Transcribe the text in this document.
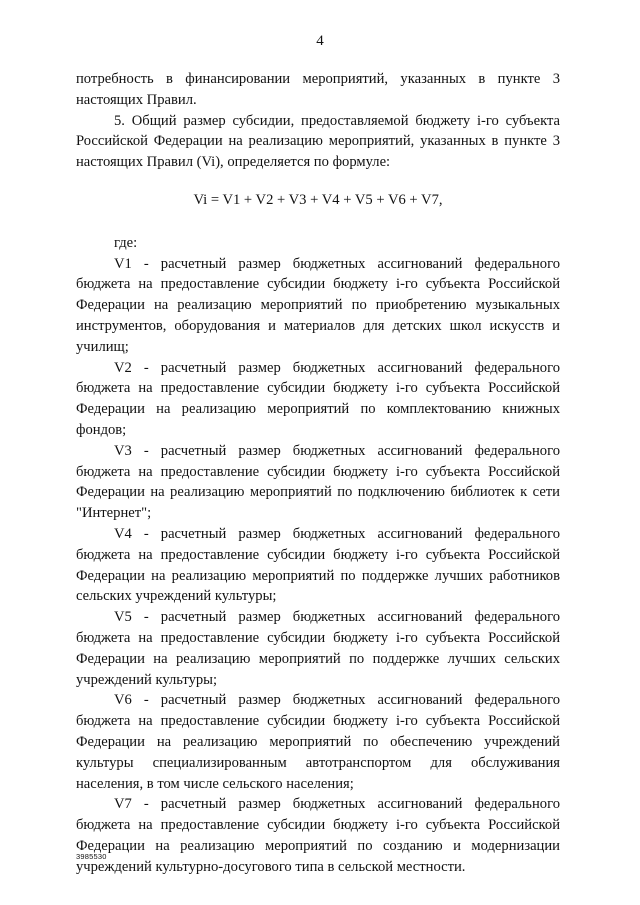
4

потребность в финансировании мероприятий, указанных в пункте 3 настоящих Правил.

5. Общий размер субсидии, предоставляемой бюджету i-го субъекта Российской Федерации на реализацию мероприятий, указанных в пункте 3 настоящих Правил (Vi), определяется по формуле:

Vi = V1 + V2 + V3 + V4 + V5 + V6 + V7,

где:

V1 - расчетный размер бюджетных ассигнований федерального бюджета на предоставление субсидии бюджету i-го субъекта Российской Федерации на реализацию мероприятий по приобретению музыкальных инструментов, оборудования и материалов для детских школ искусств и училищ;

V2 - расчетный размер бюджетных ассигнований федерального бюджета на предоставление субсидии бюджету i-го субъекта Российской Федерации на реализацию мероприятий по комплектованию книжных фондов;

V3 - расчетный размер бюджетных ассигнований федерального бюджета на предоставление субсидии бюджету i-го субъекта Российской Федерации на реализацию мероприятий по подключению библиотек к сети "Интернет";

V4 - расчетный размер бюджетных ассигнований федерального бюджета на предоставление субсидии бюджету i-го субъекта Российской Федерации на реализацию мероприятий по поддержке лучших работников сельских учреждений культуры;

V5 - расчетный размер бюджетных ассигнований федерального бюджета на предоставление субсидии бюджету i-го субъекта Российской Федерации на реализацию мероприятий по поддержке лучших сельских учреждений культуры;

V6 - расчетный размер бюджетных ассигнований федерального бюджета на предоставление субсидии бюджету i-го субъекта Российской Федерации на реализацию мероприятий по обеспечению учреждений культуры специализированным автотранспортом для обслуживания населения, в том числе сельского населения;

V7 - расчетный размер бюджетных ассигнований федерального бюджета на предоставление субсидии бюджету i-го субъекта Российской Федерации на реализацию мероприятий по созданию и модернизации учреждений культурно-досугового типа в сельской местности.

3985530
